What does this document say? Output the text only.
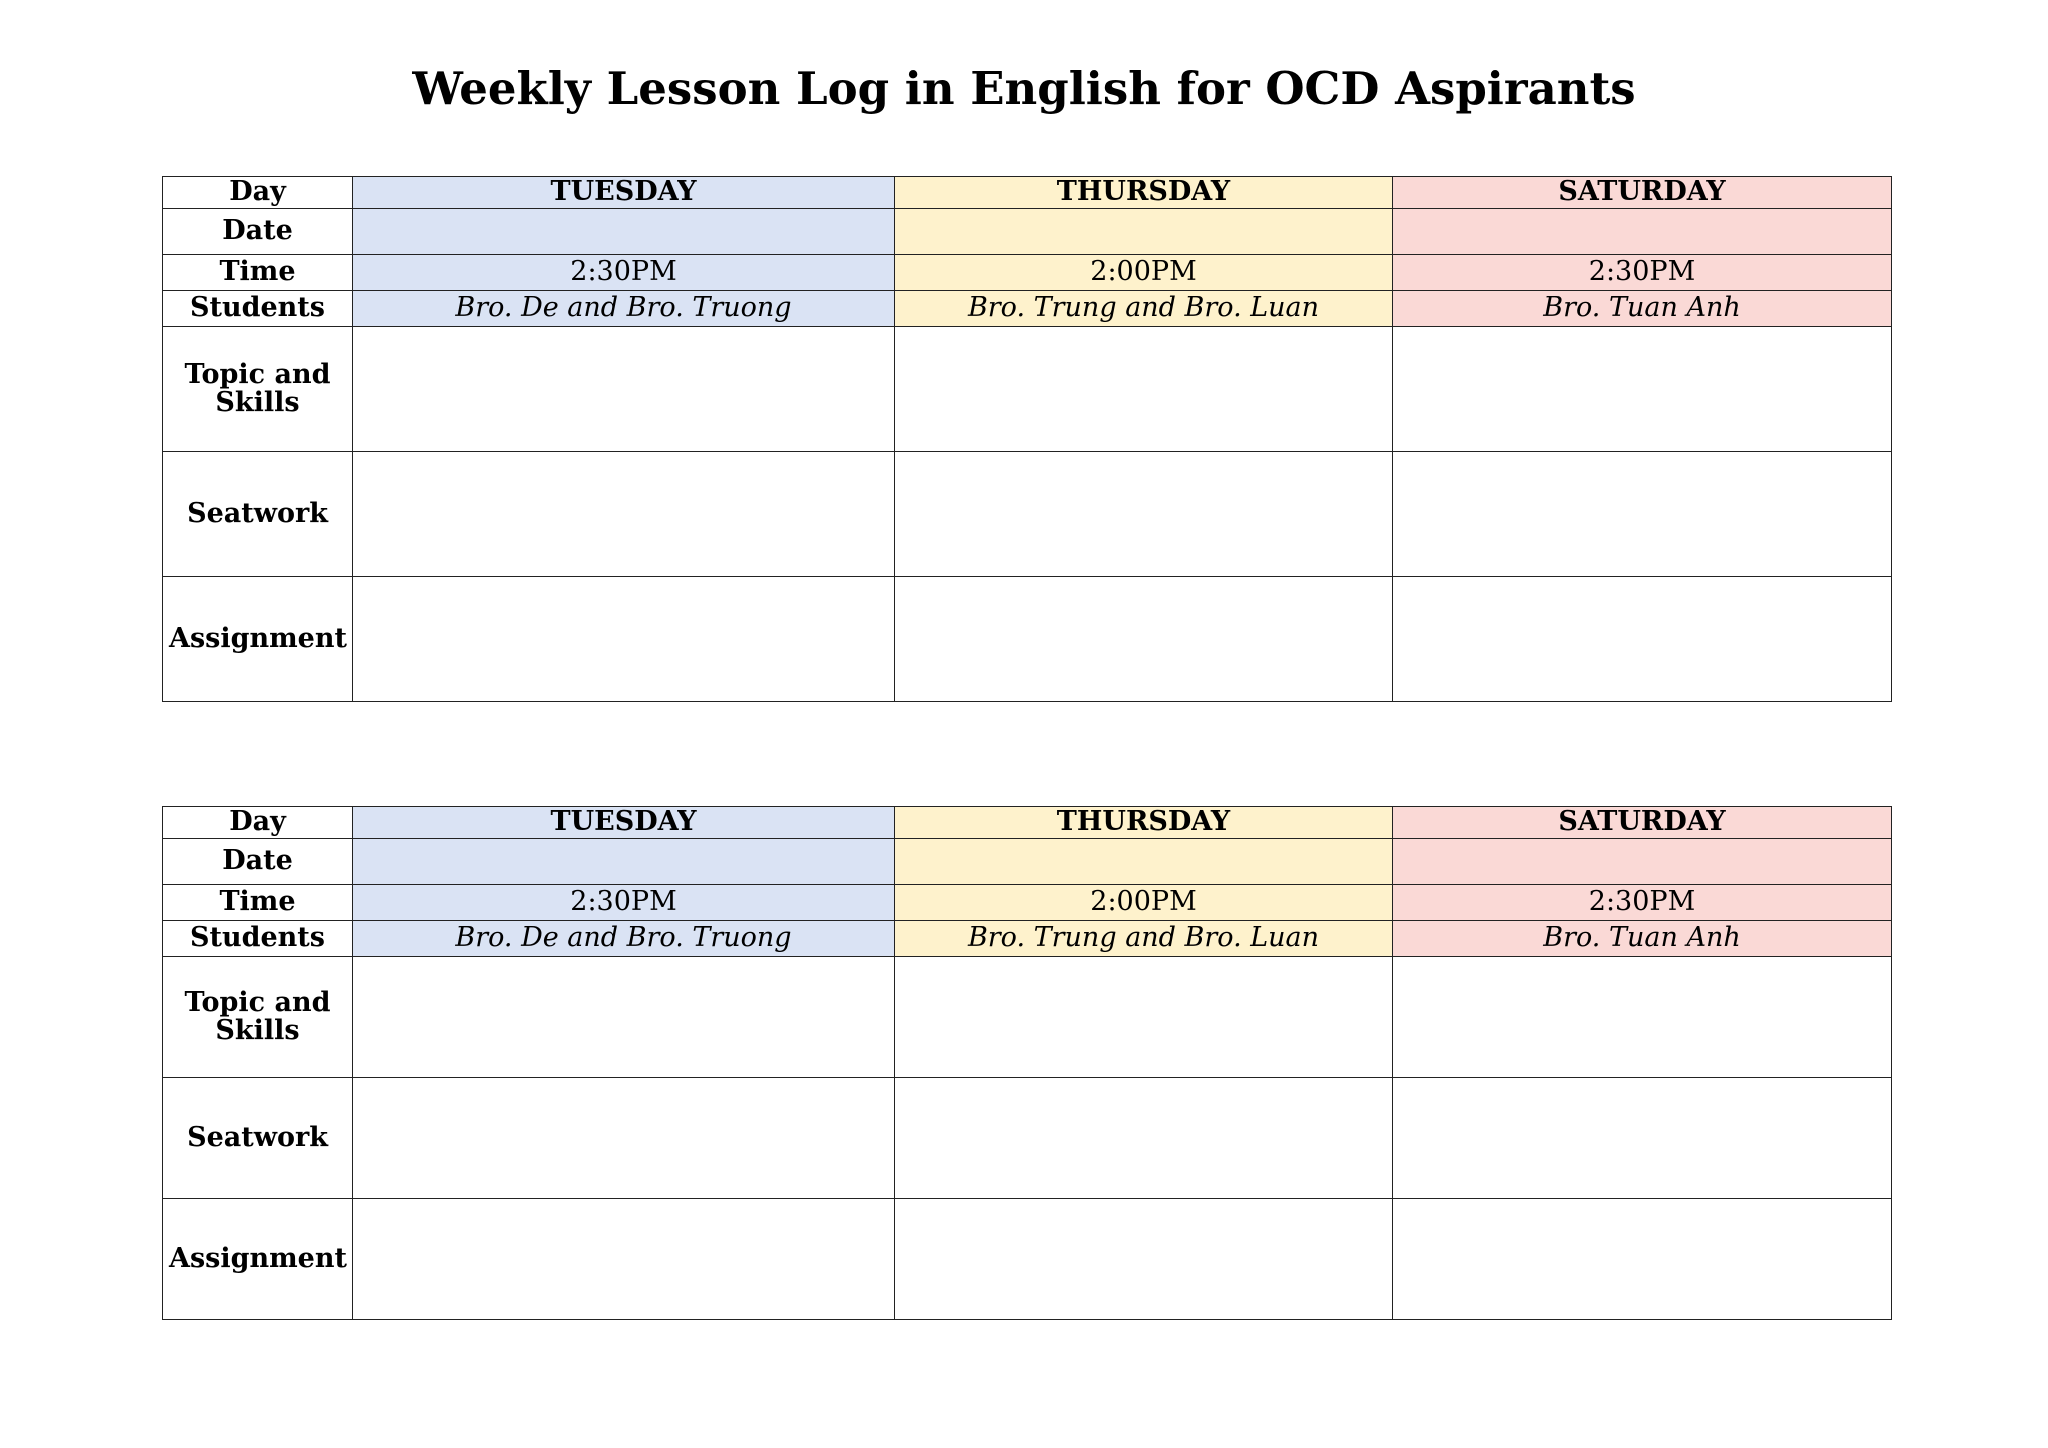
Weekly Lesson Log in English for OCD Aspirants
Day	TUESDAY	THURSDAY	SATURDAY
Date			
Time	2:30PM	2:00PM	2:30PM
Students	Bro. De and Bro. Truong	Bro. Trung and Bro. Luan	Bro. Tuan Anh
Topic and Skills			
Seatwork			
Assignment			
Day	TUESDAY	THURSDAY	SATURDAY
Date			
Time	2:30PM	2:00PM	2:30PM
Students	Bro. De and Bro. Truong	Bro. Trung and Bro. Luan	Bro. Tuan Anh
Topic and Skills			
Seatwork			
Assignment			
